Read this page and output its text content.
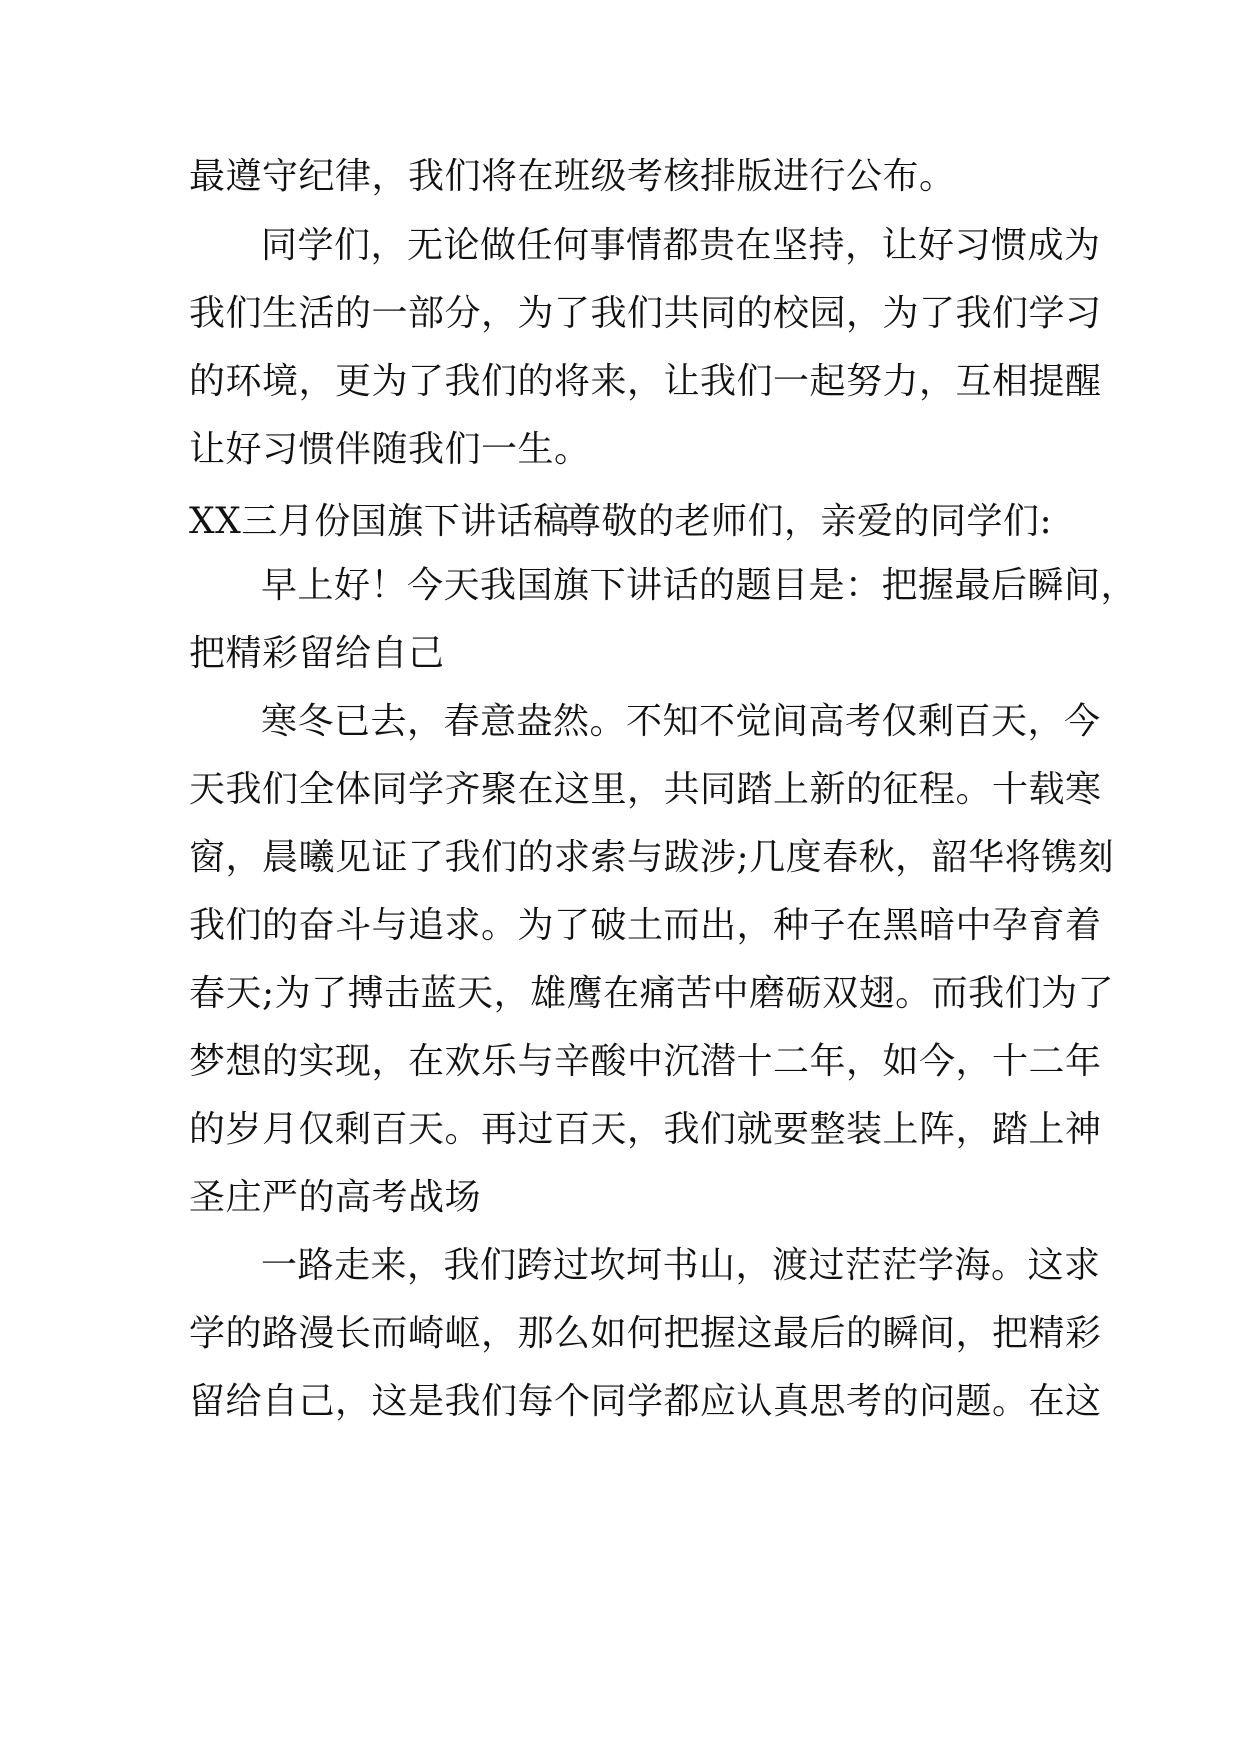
最遵守纪律，我们将在班级考核排版进行公布。
同学们，无论做任何事情都贵在坚持，让好习惯成为
我们生活的一部分，为了我们共同的校园，为了我们学习
的环境，更为了我们的将来，让我们一起努力，互相提醒
让好习惯伴随我们一生。
XX三月份国旗下讲话稿
尊敬的老师们，亲爱的同学们:
早上好！今天我国旗下讲话的题目是：把握最后瞬间，
把精彩留给自己
寒冬已去，春意盎然。不知不觉间高考仅剩百天，今
天我们全体同学齐聚在这里，共同踏上新的征程。十载寒
窗，晨曦见证了我们的求索与跋涉;几度春秋，韶华将镌刻
我们的奋斗与追求。为了破土而出，种子在黑暗中孕育着
春天;为了搏击蓝天，雄鹰在痛苦中磨砺双翅。而我们为了
梦想的实现，在欢乐与辛酸中沉潜十二年，如今，十二年
的岁月仅剩百天。再过百天，我们就要整装上阵，踏上神
圣庄严的高考战场
一路走来，我们跨过坎坷书山，渡过茫茫学海。这求
学的路漫长而崎岖，那么如何把握这最后的瞬间，把精彩
留给自己，这是我们每个同学都应认真思考的问题。在这
